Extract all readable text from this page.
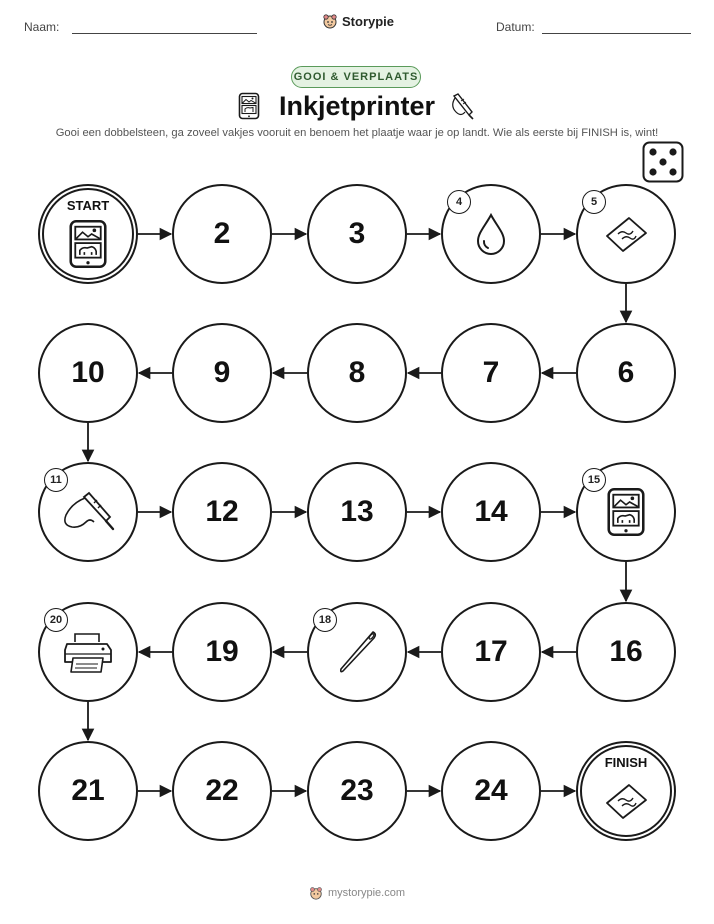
Naam:	Storypie	Datum:
GOOI & VERPLAATS
Inkjetprinter
Gooi een dobbelsteen, ga zoveel vakjes vooruit en benoem het plaatje waar je op landt. Wie als eerste bij FINISH is, wint!
START
2	3
4	5
6
7
8
9
10
11
12	13	14
15
16
17
18
19
20
21	22	23	24
FINISH
mystorypie.com
